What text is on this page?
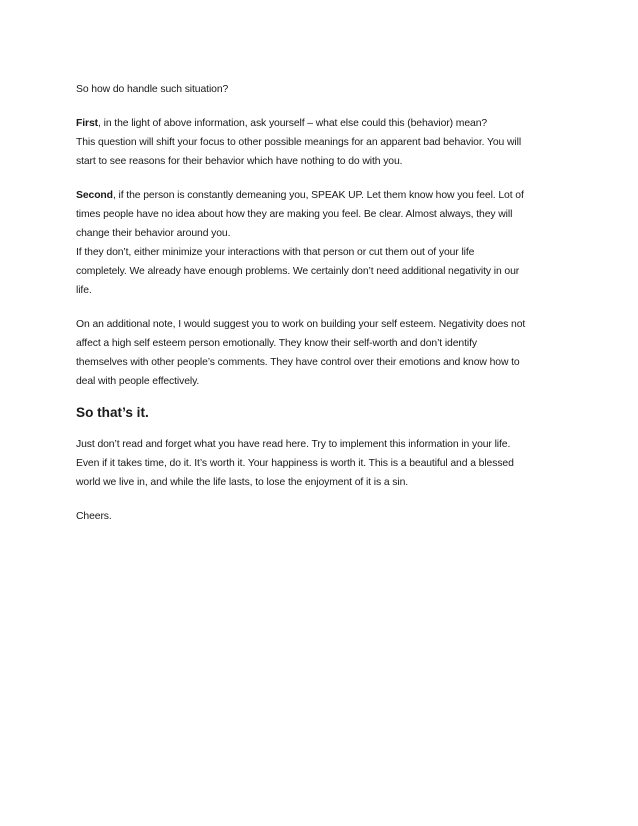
So how do handle such situation?

First, in the light of above information, ask yourself – what else could this (behavior) mean?

This question will shift your focus to other possible meanings for an apparent bad behavior. You will

start to see reasons for their behavior which have nothing to do with you.

Second, if the person is constantly demeaning you, SPEAK UP. Let them know how you feel. Lot of

times people have no idea about how they are making you feel. Be clear. Almost always, they will

change their behavior around you.

If they don’t, either minimize your interactions with that person or cut them out of your life

completely. We already have enough problems. We certainly don’t need additional negativity in our

life.

On an additional note, I would suggest you to work on building your self esteem. Negativity does not

affect a high self esteem person emotionally. They know their self-worth and don’t identify

themselves with other people’s comments. They have control over their emotions and know how to

deal with people effectively.

So that’s it.

Just don’t read and forget what you have read here. Try to implement this information in your life.

Even if it takes time, do it. It’s worth it. Your happiness is worth it. This is a beautiful and a blessed

world we live in, and while the life lasts, to lose the enjoyment of it is a sin.

Cheers.
